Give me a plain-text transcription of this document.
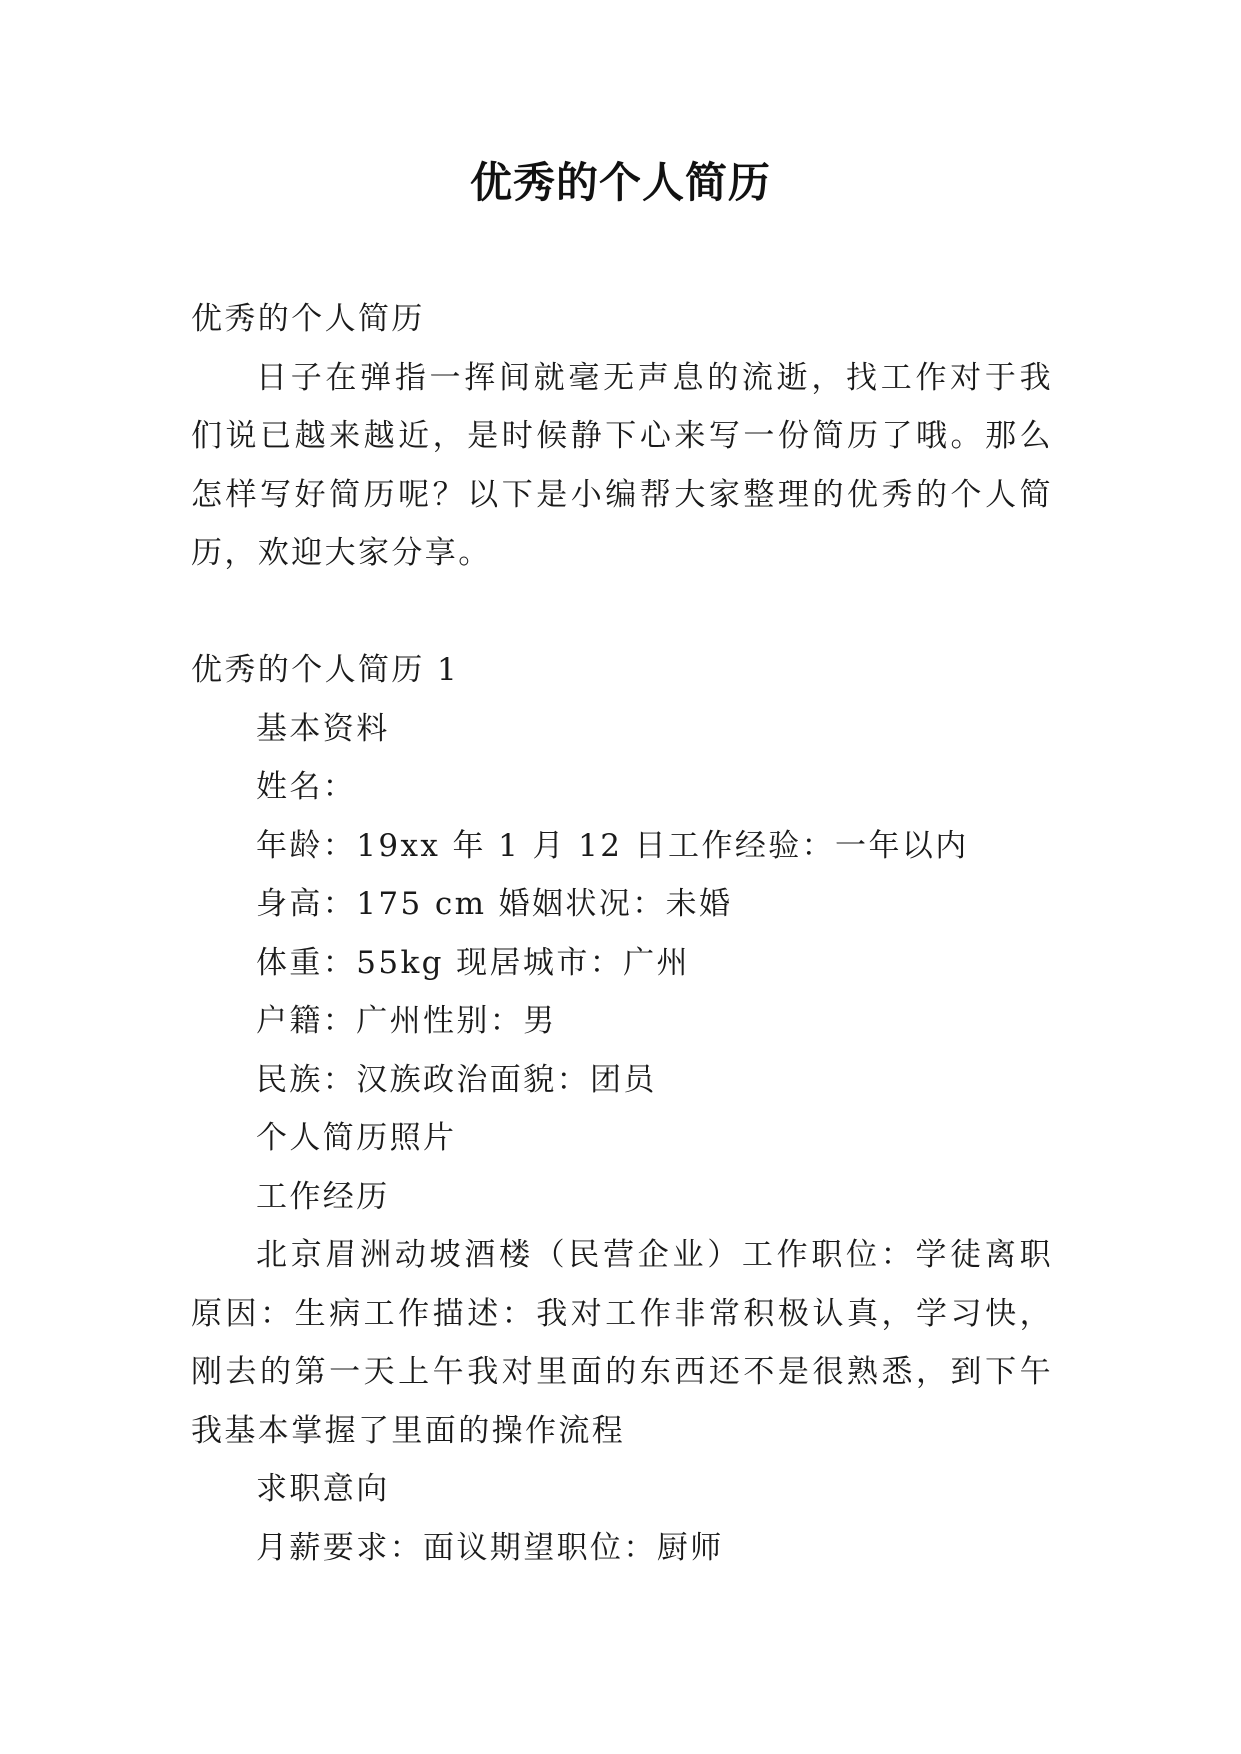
优秀的个人简历
优秀的个人简历

日子在弹指一挥间就毫无声息的流逝，找工作对于我们说已越来越近，是时候静下心来写一份简历了哦。那么怎样写好简历呢？以下是小编帮大家整理的优秀的个人简历，欢迎大家分享。

优秀的个人简历 1
基本资料
姓名：
年龄：19xx 年 1 月 12 日工作经验：一年以内
身高：175 cm 婚姻状况：未婚
体重：55kg 现居城市：广州
户籍：广州性别：男
民族：汉族政治面貌：团员
个人简历照片
工作经历

北京眉洲动坡酒楼（民营企业）工作职位：学徒离职原因：生病工作描述：我对工作非常积极认真，学习快，刚去的第一天上午我对里面的东西还不是很熟悉，到下午我基本掌握了里面的操作流程

求职意向
月薪要求：面议期望职位：厨师
